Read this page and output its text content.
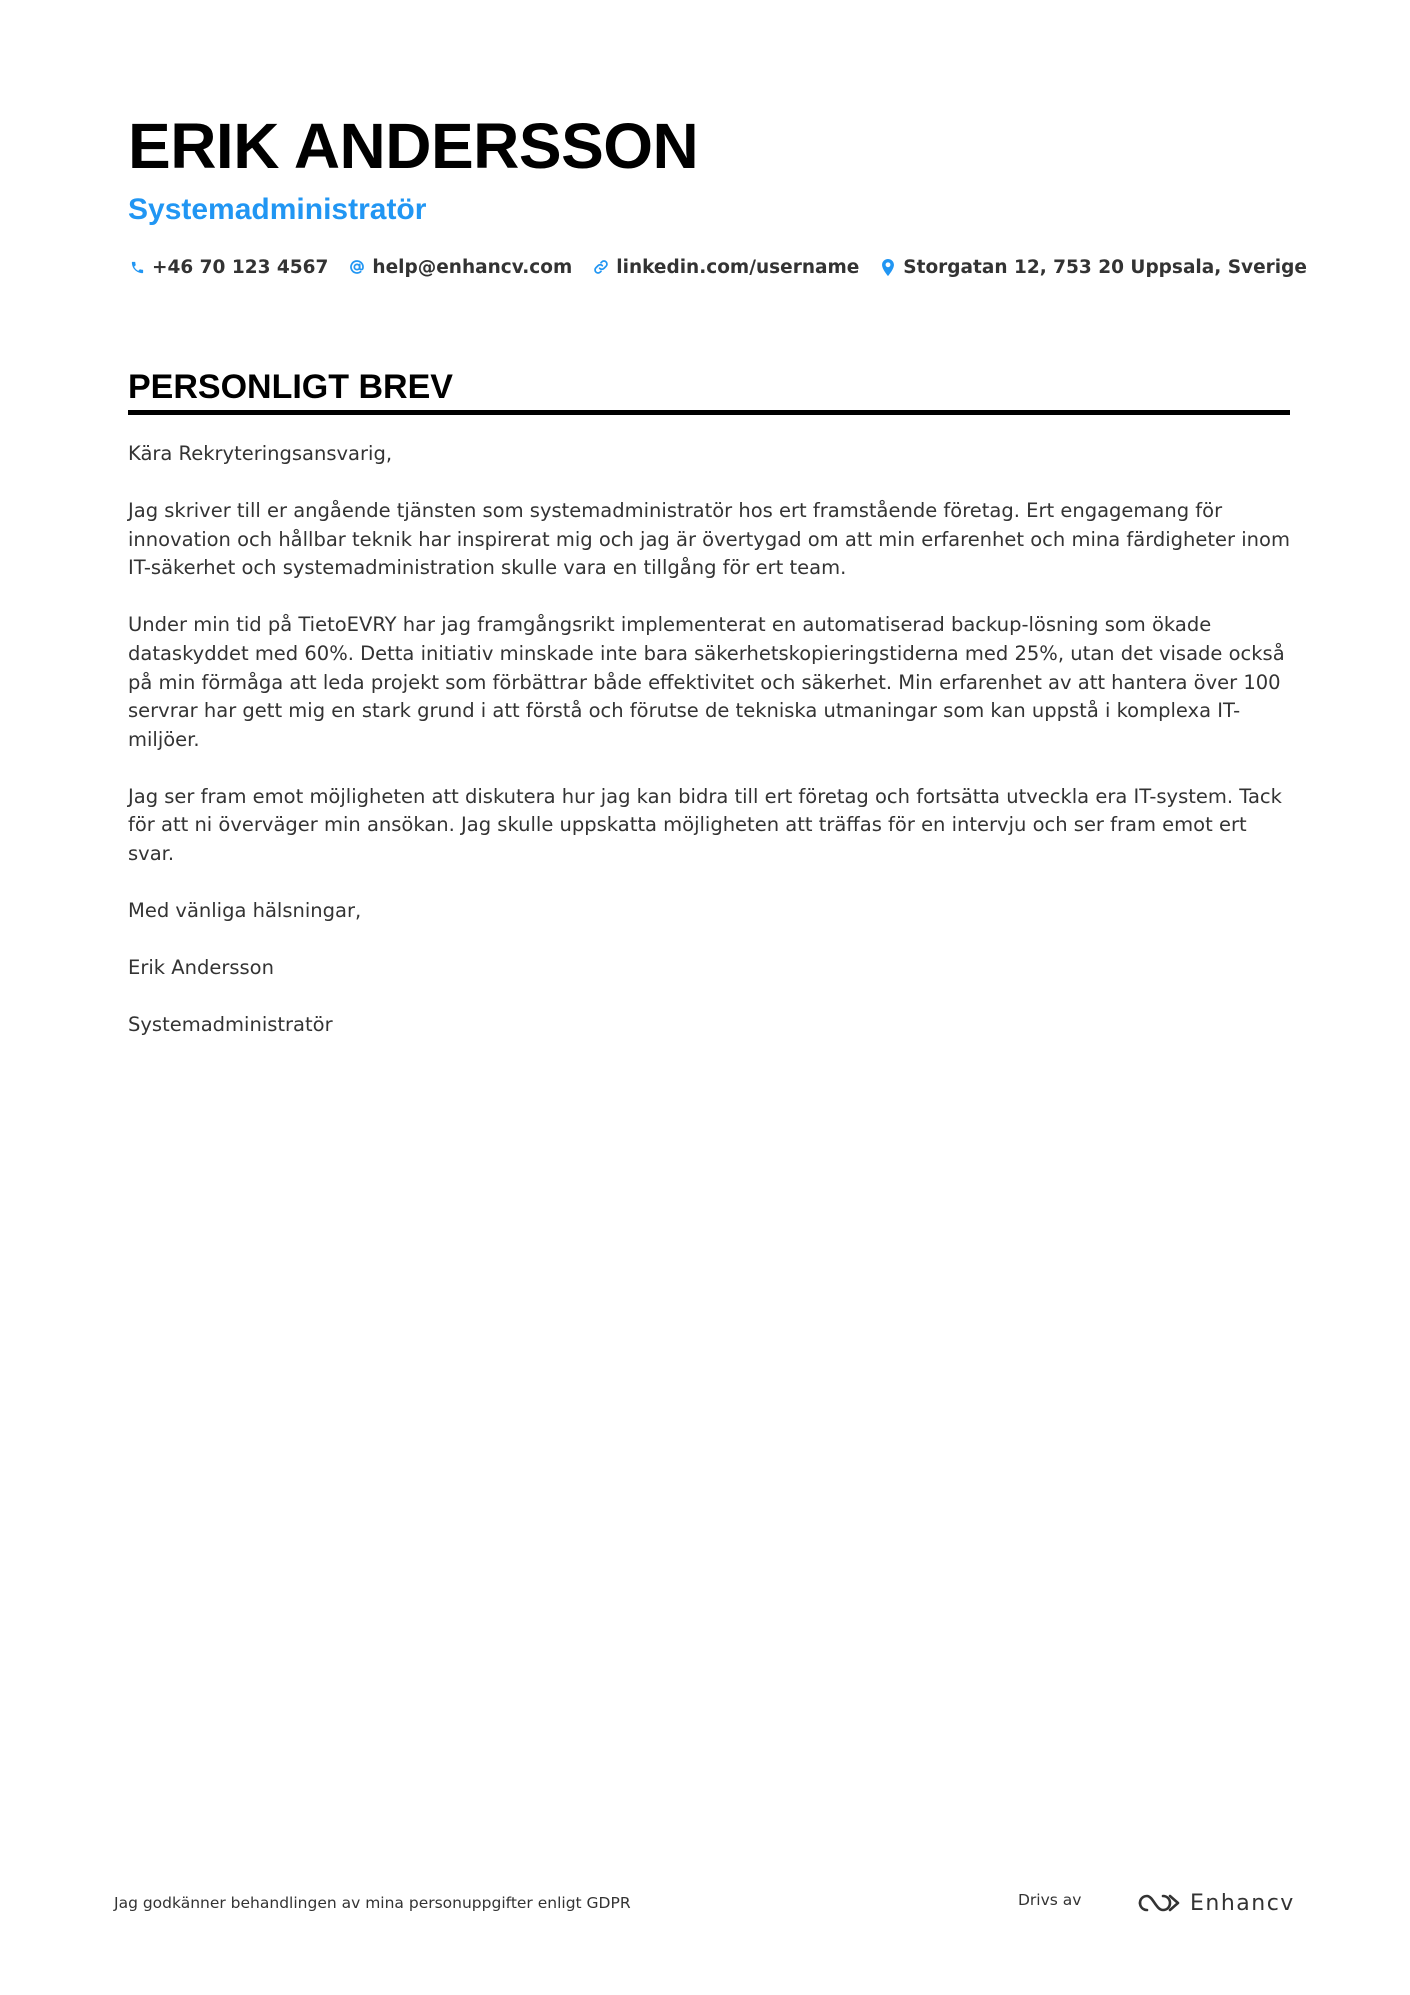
ERIK ANDERSSON
Systemadministratör
+46 70 123 4567 help@enhancv.com linkedin.com/username Storgatan 12, 753 20 Uppsala, Sverige
PERSONLIGT BREV

Kära Rekryteringsansvarig,

Jag skriver till er angående tjänsten som systemadministratör hos ert framstående företag. Ert engagemang för innovation och hållbar teknik har inspirerat mig och jag är övertygad om att min erfarenhet och mina färdigheter inom IT-säkerhet och systemadministration skulle vara en tillgång för ert team.

Under min tid på TietoEVRY har jag framgångsrikt implementerat en automatiserad backup-lösning som ökade dataskyddet med 60%. Detta initiativ minskade inte bara säkerhetskopieringstiderna med 25%, utan det visade också på min förmåga att leda projekt som förbättrar både effektivitet och säkerhet. Min erfarenhet av att hantera över 100 servrar har gett mig en stark grund i att förstå och förutse de tekniska utmaningar som kan uppstå i komplexa IT-miljöer.

Jag ser fram emot möjligheten att diskutera hur jag kan bidra till ert företag och fortsätta utveckla era IT-system. Tack för att ni överväger min ansökan. Jag skulle uppskatta möjligheten att träffas för en intervju och ser fram emot ert svar.

Med vänliga hälsningar,

Erik Andersson

Systemadministratör

Jag godkänner behandlingen av mina personuppgifter enligt GDPR	Drivs av	Enhancv
